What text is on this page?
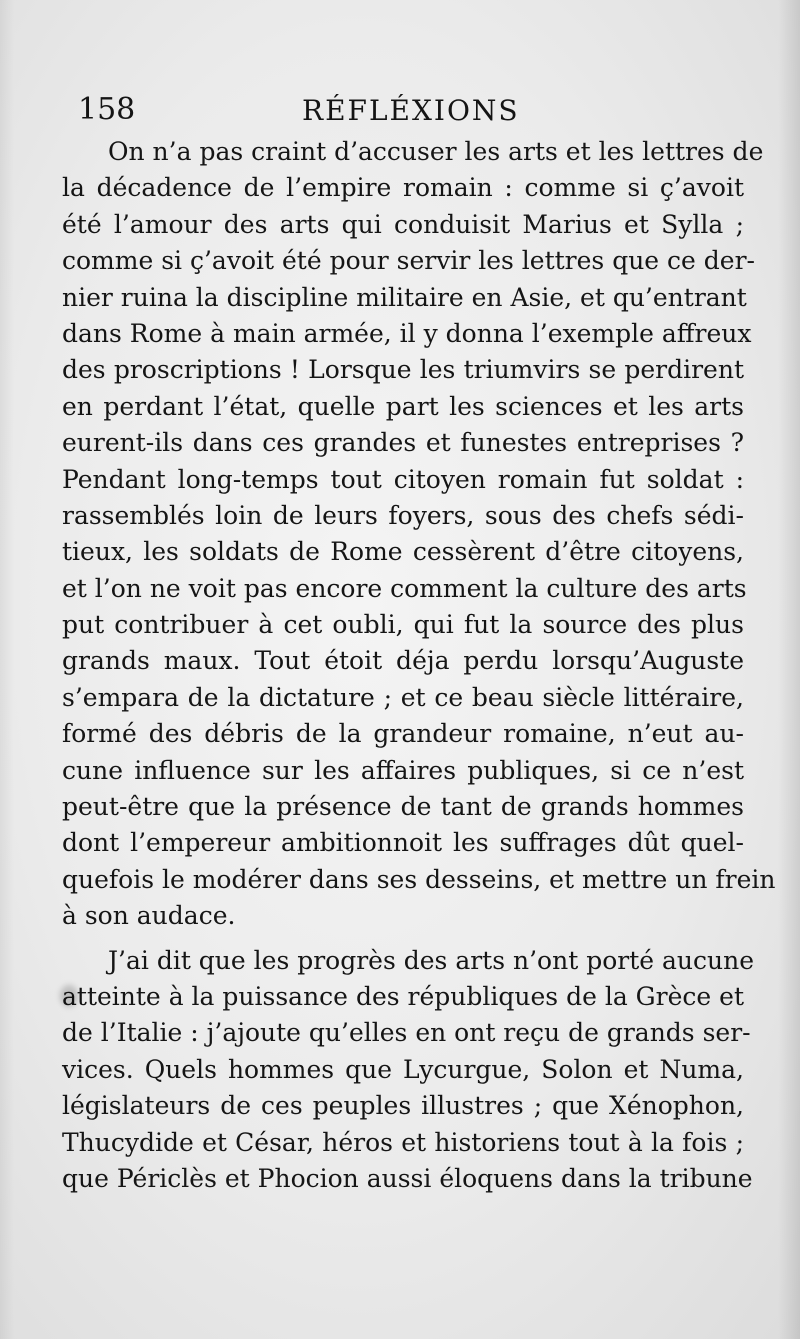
158	RÉFLÉXIONS
On n’a pas craint d’accuser les arts et les lettres de
la décadence de l’empire romain : comme si ç’avoit
été l’amour des arts qui conduisit Marius et Sylla ;
comme si ç’avoit été pour servir les lettres que ce der-
nier ruina la discipline militaire en Asie, et qu’entrant
dans Rome à main armée, il y donna l’exemple affreux
des proscriptions ! Lorsque les triumvirs se perdirent
en perdant l’état, quelle part les sciences et les arts
eurent-ils dans ces grandes et funestes entreprises ?
Pendant long-temps tout citoyen romain fut soldat :
rassemblés loin de leurs foyers, sous des chefs sédi-
tieux, les soldats de Rome cessèrent d’être citoyens,
et l’on ne voit pas encore comment la culture des arts
put contribuer à cet oubli, qui fut la source des plus
grands maux. Tout étoit déja perdu lorsqu’Auguste
s’empara de la dictature ; et ce beau siècle littéraire,
formé des débris de la grandeur romaine, n’eut au-
cune influence sur les affaires publiques, si ce n’est
peut-être que la présence de tant de grands hommes
dont l’empereur ambitionnoit les suffrages dût quel-
quefois le modérer dans ses desseins, et mettre un frein
à son audace.
J’ai dit que les progrès des arts n’ont porté aucune
atteinte à la puissance des républiques de la Grèce et
de l’Italie : j’ajoute qu’elles en ont reçu de grands ser-
vices. Quels hommes que Lycurgue, Solon et Numa,
législateurs de ces peuples illustres ; que Xénophon,
Thucydide et César, héros et historiens tout à la fois ;
que Périclès et Phocion aussi éloquens dans la tribune
